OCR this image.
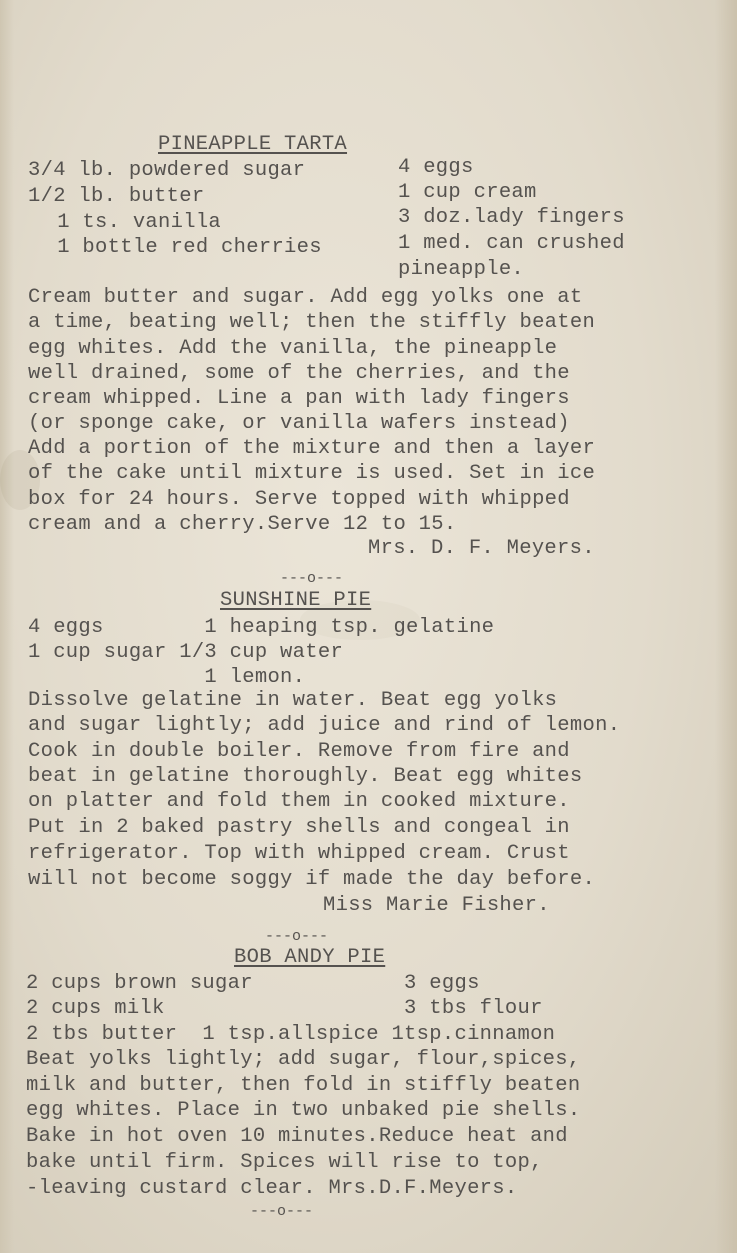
PINEAPPLE TARTA
3/4 lb. powdered sugar
1/2 lb. butter
1 ts. vanilla
1 bottle red cherries
4 eggs
1 cup cream
3 doz.lady fingers
1 med. can crushed
pineapple.
Cream butter and sugar. Add egg yolks one at
a time, beating well; then the stiffly beaten
egg whites. Add the vanilla, the pineapple
well drained, some of the cherries, and the
cream whipped. Line a pan with lady fingers
(or sponge cake, or vanilla wafers instead)
Add a portion of the mixture and then a layer
of the cake until mixture is used. Set in ice
box for 24 hours. Serve topped with whipped
cream and a cherry.Serve 12 to 15.
Mrs. D. F. Meyers.
---o---
SUNSHINE PIE
4 eggs        1 heaping tsp. gelatine
1 cup sugar 1/3 cup water
1 lemon.
Dissolve gelatine in water. Beat egg yolks
and sugar lightly; add juice and rind of lemon.
Cook in double boiler. Remove from fire and
beat in gelatine thoroughly. Beat egg whites
on platter and fold them in cooked mixture.
Put in 2 baked pastry shells and congeal in
refrigerator. Top with whipped cream. Crust
will not become soggy if made the day before.
Miss Marie Fisher.
---o---
BOB ANDY PIE
2 cups brown sugar            3 eggs
2 cups milk                   3 tbs flour
2 tbs butter  1 tsp.allspice 1tsp.cinnamon
Beat yolks lightly; add sugar, flour,spices,
milk and butter, then fold in stiffly beaten
egg whites. Place in two unbaked pie shells.
Bake in hot oven 10 minutes.Reduce heat and
bake until firm. Spices will rise to top,
-leaving custard clear. Mrs.D.F.Meyers.
---o---
